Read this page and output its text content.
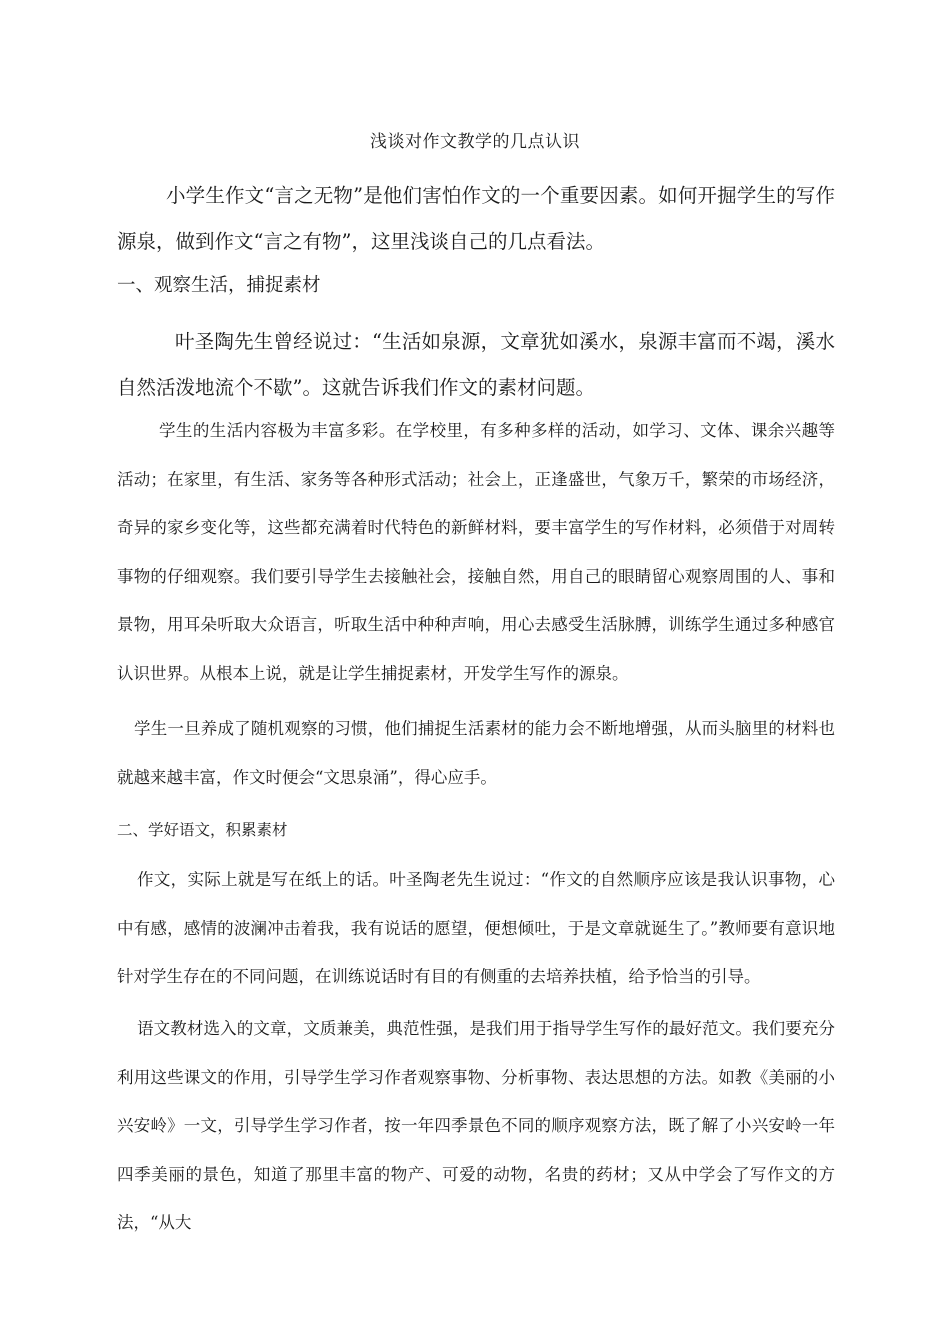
浅谈对作文教学的几点认识

小学生作文“言之无物”是他们害怕作文的一个重要因素。如何开掘学生的写作源泉，做到作文“言之有物”，这里浅谈自己的几点看法。

一、观察生活，捕捉素材

叶圣陶先生曾经说过：“生活如泉源，文章犹如溪水，泉源丰富而不竭，溪水自然活泼地流个不歇”。这就告诉我们作文的素材问题。

学生的生活内容极为丰富多彩。在学校里，有多种多样的活动，如学习、文体、课余兴趣等活动；在家里，有生活、家务等各种形式活动；社会上，正逢盛世，气象万千，繁荣的市场经济，奇异的家乡变化等，这些都充满着时代特色的新鲜材料，要丰富学生的写作材料，必须借于对周转事物的仔细观察。我们要引导学生去接触社会，接触自然，用自己的眼睛留心观察周围的人、事和景物，用耳朵听取大众语言，听取生活中种种声响，用心去感受生活脉膊，训练学生通过多种感官认识世界。从根本上说，就是让学生捕捉素材，开发学生写作的源泉。

学生一旦养成了随机观察的习惯，他们捕捉生活素材的能力会不断地增强，从而头脑里的材料也就越来越丰富，作文时便会“文思泉涌”，得心应手。

二、学好语文，积累素材

作文，实际上就是写在纸上的话。叶圣陶老先生说过：“作文的自然顺序应该是我认识事物，心中有感，感情的波澜冲击着我，我有说话的愿望，便想倾吐，于是文章就诞生了。”教师要有意识地针对学生存在的不同问题，在训练说话时有目的有侧重的去培养扶植，给予恰当的引导。

语文教材选入的文章，文质兼美，典范性强，是我们用于指导学生写作的最好范文。我们要充分利用这些课文的作用，引导学生学习作者观察事物、分析事物、表达思想的方法。如教《美丽的小兴安岭》一文，引导学生学习作者，按一年四季景色不同的顺序观察方法，既了解了小兴安岭一年四季美丽的景色，知道了那里丰富的物产、可爱的动物，名贵的药材；又从中学会了写作文的方法，“从大
